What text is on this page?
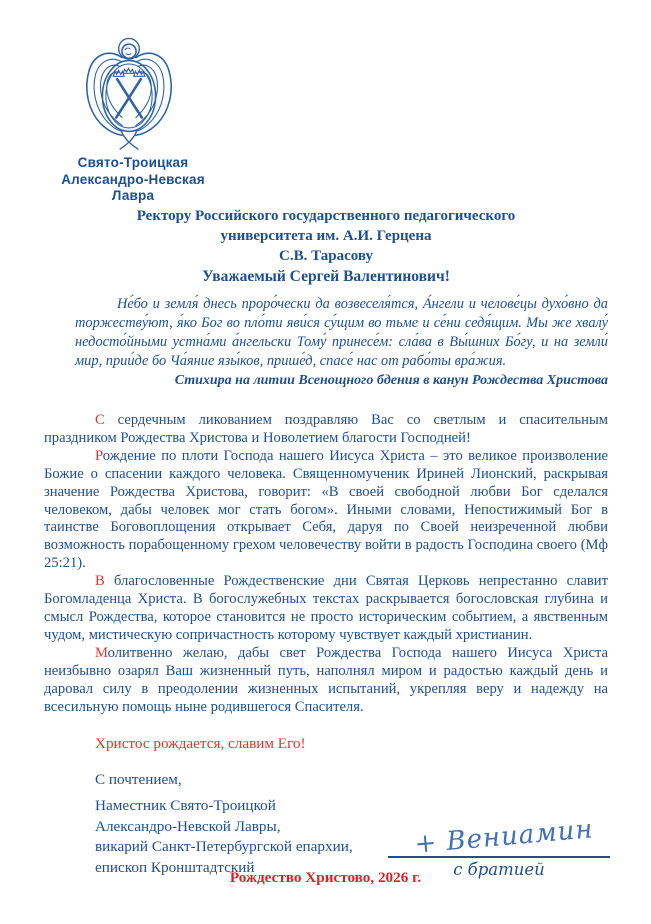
Свято-Троицкая
Александро-Невская
Лавра
Ректору Российского государственного педагогического
университета им. А.И. Герцена
С.В. Тарасову
Уважаемый Сергей Валентинович!
Не́бо и земля́ днесь проро́чески да возвеселя́тся, А́нгели и челове́цы духо́вно да торжеству́ют, я́ко Бог во пло́ти яви́ся су́щим во тьме и се́ни седя́щим. Мы же хвалу́ недосто́йными устна́ми а́нгельски Тому́ принесе́м: сла́ва в Вы́шних Бо́гу, и на земли́ мир, прии́де бо Ча́яние язы́ков, прише́д, спасе́ нас от рабо́ты вра́жия.
Стихира на литии Всенощного бдения в канун Рождества Христова

С сердечным ликованием поздравляю Вас со светлым и спасительным праздником Рождества Христова и Новолетием благости Господней!

Рождение по плоти Господа нашего Иисуса Христа – это великое произволение Божие о спасении каждого человека. Священномученик Ириней Лионский, раскрывая значение Рождества Христова, говорит: «В своей свободной любви Бог сделался человеком, дабы человек мог стать богом». Иными словами, Непостижимый Бог в таинстве Боговоплощения открывает Себя, даруя по Своей неизреченной любви возможность порабощенному грехом человечеству войти в радость Господина своего (Мф 25:21).

В благословенные Рождественские дни Святая Церковь непрестанно славит Богомладенца Христа. В богослужебных текстах раскрывается богословская глубина и смысл Рождества, которое становится не просто историческим событием, а явственным чудом, мистическую сопричастность которому чувствует каждый христианин.

Молитвенно желаю, дабы свет Рождества Господа нашего Иисуса Христа неизбывно озарял Ваш жизненный путь, наполнял миром и радостью каждый день и даровал силу в преодолении жизненных испытаний, укрепляя веру и надежду на всесильную помощь ныне родившегося Спасителя.

Христос рождается, славим Его!
С почтением,
Наместник Свято-Троицкой
Александро-Невской Лавры,
викарий Санкт-Петербургской епархии,
епископ Кронштадтский
+ Вениамин
с братией
Рождество Христово, 2026 г.
